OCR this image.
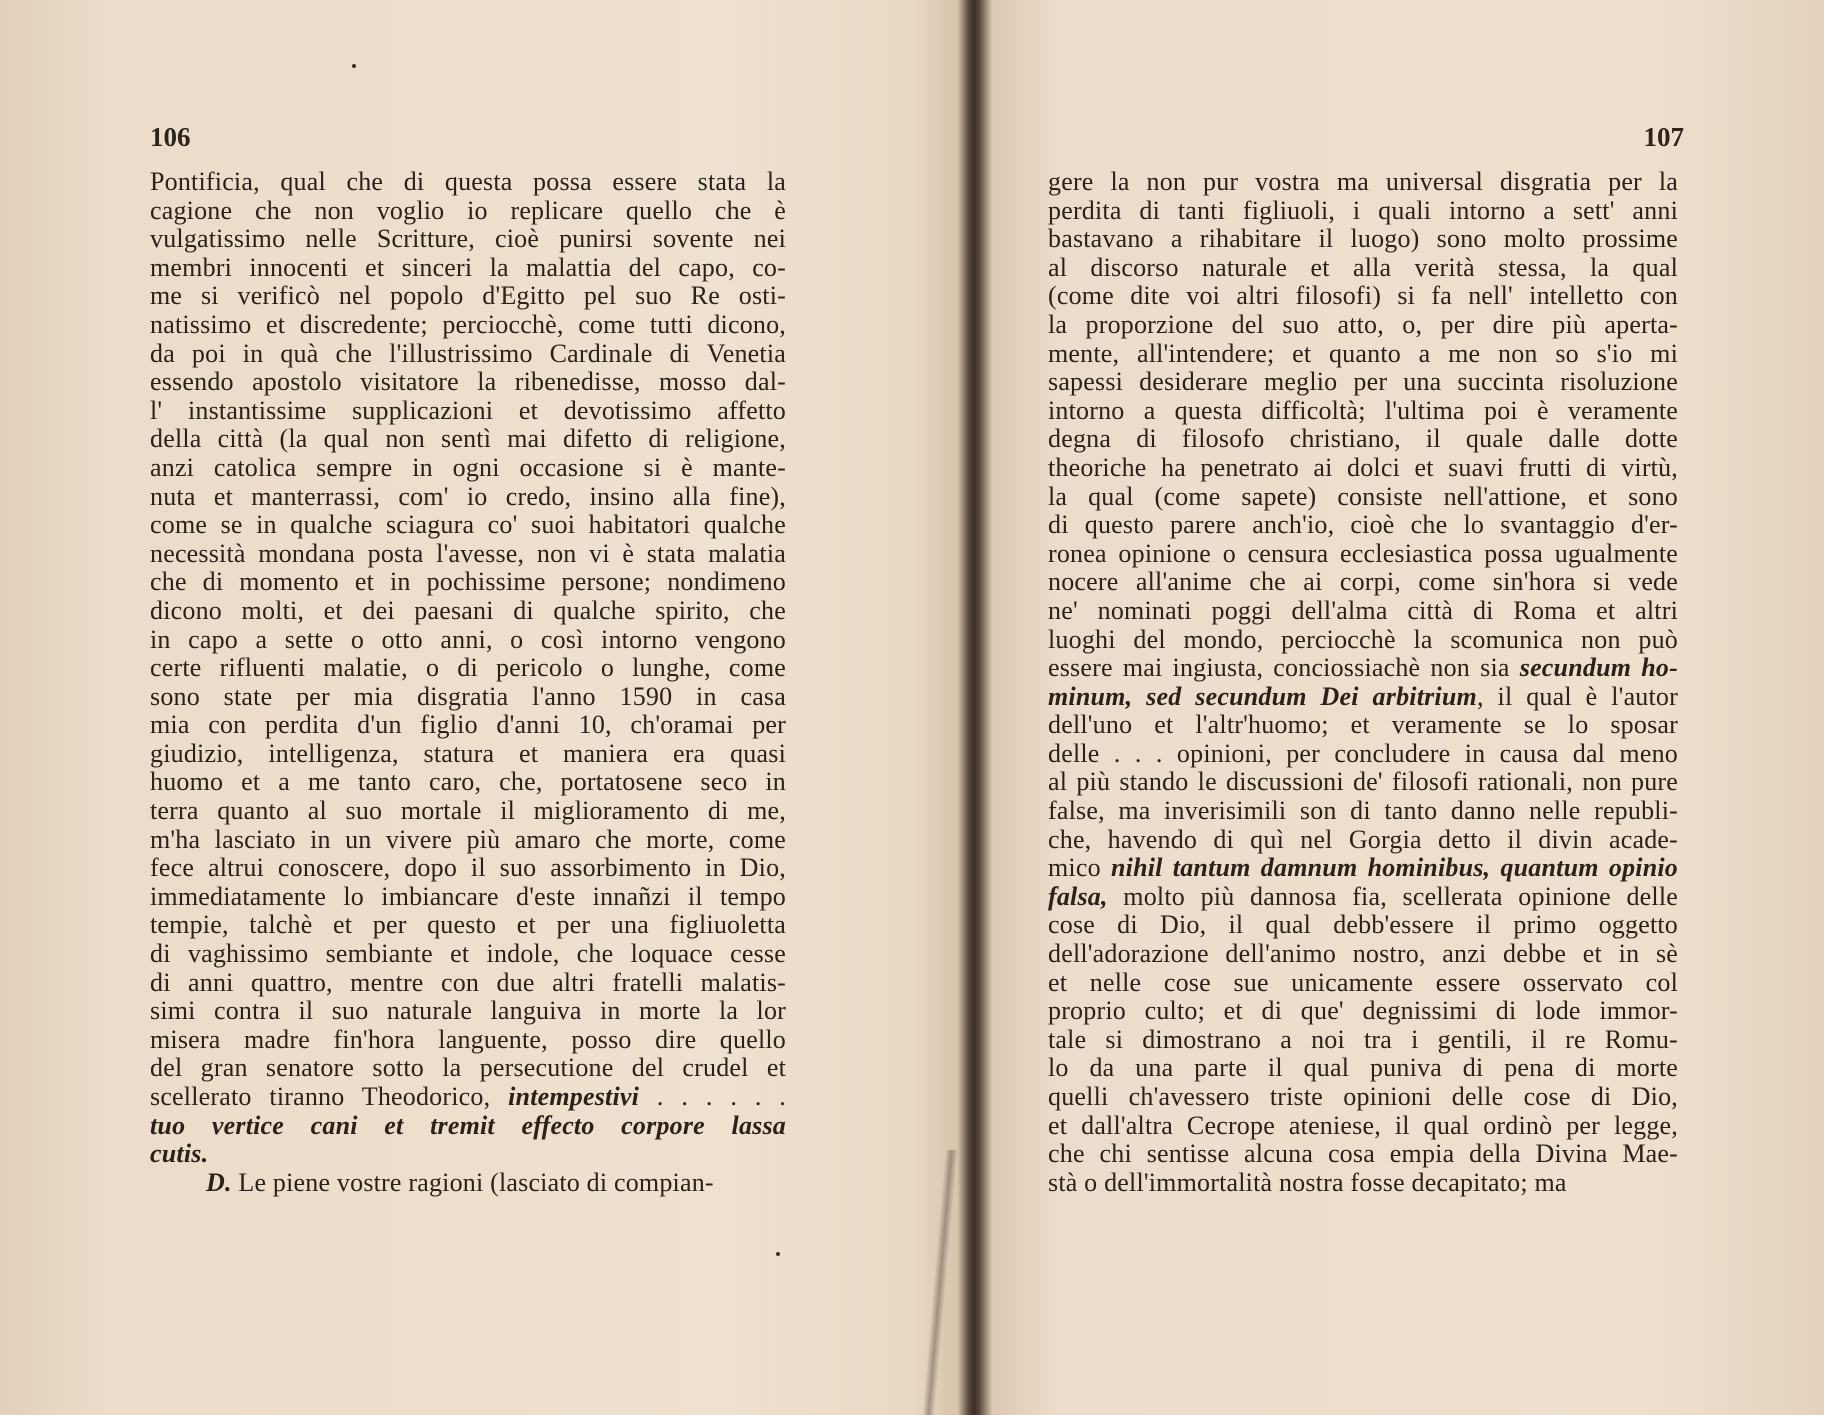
106
Pontificia, qual che di questa possa essere stata la
cagione che non voglio io replicare quello che è
vulgatissimo nelle Scritture, cioè punirsi sovente nei
membri innocenti et sinceri la malattia del capo, co-
me si verificò nel popolo d'Egitto pel suo Re osti-
natissimo et discredente; perciocchè, come tutti dicono,
da poi in quà che l'illustrissimo Cardinale di Venetia
essendo apostolo visitatore la ribenedisse, mosso dal-
l' instantissime supplicazioni et devotissimo affetto
della città (la qual non sentì mai difetto di religione,
anzi catolica sempre in ogni occasione si è mante-
nuta et manterrassi, com' io credo, insino alla fine),
come se in qualche sciagura co' suoi habitatori qualche
necessità mondana posta l'avesse, non vi è stata malatia
che di momento et in pochissime persone; nondimeno
dicono molti, et dei paesani di qualche spirito, che
in capo a sette o otto anni, o così intorno vengono
certe rifluenti malatie, o di pericolo o lunghe, come
sono state per mia disgratia l'anno 1590 in casa
mia con perdita d'un figlio d'anni 10, ch'oramai per
giudizio, intelligenza, statura et maniera era quasi
huomo et a me tanto caro, che, portatosene seco in
terra quanto al suo mortale il miglioramento di me,
m'ha lasciato in un vivere più amaro che morte, come
fece altrui conoscere, dopo il suo assorbimento in Dio,
immediatamente lo imbiancare d'este innañzi il tempo
tempie, talchè et per questo et per una figliuoletta
di vaghissimo sembiante et indole, che loquace cesse
di anni quattro, mentre con due altri fratelli malatis-
simi contra il suo naturale languiva in morte la lor
misera madre fin'hora languente, posso dire quello
del gran senatore sotto la persecutione del crudel et
scellerato tiranno Theodorico, intempestivi . . . . . .
tuo vertice cani et tremit effecto corpore lassa
cutis.
D. Le piene vostre ragioni (lasciato di compian-
107
gere la non pur vostra ma universal disgratia per la
perdita di tanti figliuoli, i quali intorno a sett' anni
bastavano a rihabitare il luogo) sono molto prossime
al discorso naturale et alla verità stessa, la qual
(come dite voi altri filosofi) si fa nell' intelletto con
la proporzione del suo atto, o, per dire più aperta-
mente, all'intendere; et quanto a me non so s'io mi
sapessi desiderare meglio per una succinta risoluzione
intorno a questa difficoltà; l'ultima poi è veramente
degna di filosofo christiano, il quale dalle dotte
theoriche ha penetrato ai dolci et suavi frutti di virtù,
la qual (come sapete) consiste nell'attione, et sono
di questo parere anch'io, cioè che lo svantaggio d'er-
ronea opinione o censura ecclesiastica possa ugualmente
nocere all'anime che ai corpi, come sin'hora si vede
ne' nominati poggi dell'alma città di Roma et altri
luoghi del mondo, perciocchè la scomunica non può
essere mai ingiusta, conciossiachè non sia secundum ho-
minum, sed secundum Dei arbitrium, il qual è l'autor
dell'uno et l'altr'huomo; et veramente se lo sposar
delle . . . opinioni, per concludere in causa dal meno
al più stando le discussioni de' filosofi rationali, non pure
false, ma inverisimili son di tanto danno nelle republi-
che, havendo di quì nel Gorgia detto il divin acade-
mico nihil tantum damnum hominibus, quantum opinio
falsa, molto più dannosa fia, scellerata opinione delle
cose di Dio, il qual debb'essere il primo oggetto
dell'adorazione dell'animo nostro, anzi debbe et in sè
et nelle cose sue unicamente essere osservato col
proprio culto; et di que' degnissimi di lode immor-
tale si dimostrano a noi tra i gentili, il re Romu-
lo da una parte il qual puniva di pena di morte
quelli ch'avessero triste opinioni delle cose di Dio,
et dall'altra Cecrope ateniese, il qual ordinò per legge,
che chi sentisse alcuna cosa empia della Divina Mae-
stà o dell'immortalità nostra fosse decapitato; ma
